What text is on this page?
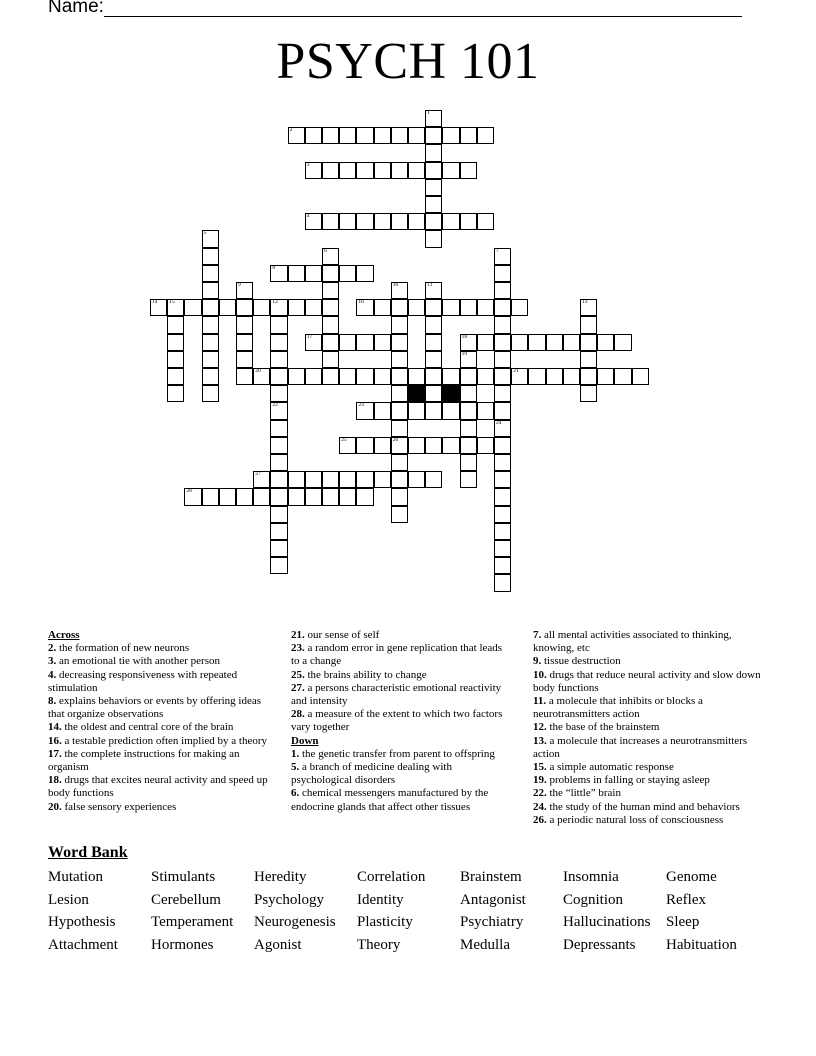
Name:
PSYCH 101
2
3
4
8
14 15	12	16
17	18
20	21
23
25	26
27
28
1
5
6	7
9	10	11
22
13
19
24
Across
2. the formation of new neurons
3. an emotional tie with another person
4. decreasing responsiveness with repeated stimulation
8. explains behaviors or events by offering ideas that organize observations
14. the oldest and central core of the brain
16. a testable prediction often implied by a theory
17. the complete instructions for making an organism
18. drugs that excites neural activity and speed up body functions
20. false sensory experiences
21. our sense of self
23. a random error in gene replication that leads to a change
25. the brains ability to change
27. a persons characteristic emotional reactivity and intensity
28. a measure of the extent to which two factors vary together
Down
1. the genetic transfer from parent to offspring
5. a branch of medicine dealing with psychological disorders
6. chemical messengers manufactured by the endocrine glands that affect other tissues
7. all mental activities associated to thinking, knowing, etc
9. tissue destruction
10. drugs that reduce neural activity and slow down body functions
11. a molecule that inhibits or blocks a neurotransmitters action
12. the base of the brainstem
13. a molecule that increases a neurotransmitters action
15. a simple automatic response
19. problems in falling or staying asleep
22. the “little” brain
24. the study of the human mind and behaviors
26. a periodic natural loss of consciousness
Word Bank
Mutation	Stimulants	Heredity	Correlation	Brainstem	Insomnia	Genome
Lesion	Cerebellum	Psychology	Identity	Antagonist	Cognition	Reflex
Hypothesis	Temperament	Neurogenesis	Plasticity	Psychiatry	Hallucinations	Sleep
Attachment	Hormones	Agonist	Theory	Medulla	Depressants	Habituation
